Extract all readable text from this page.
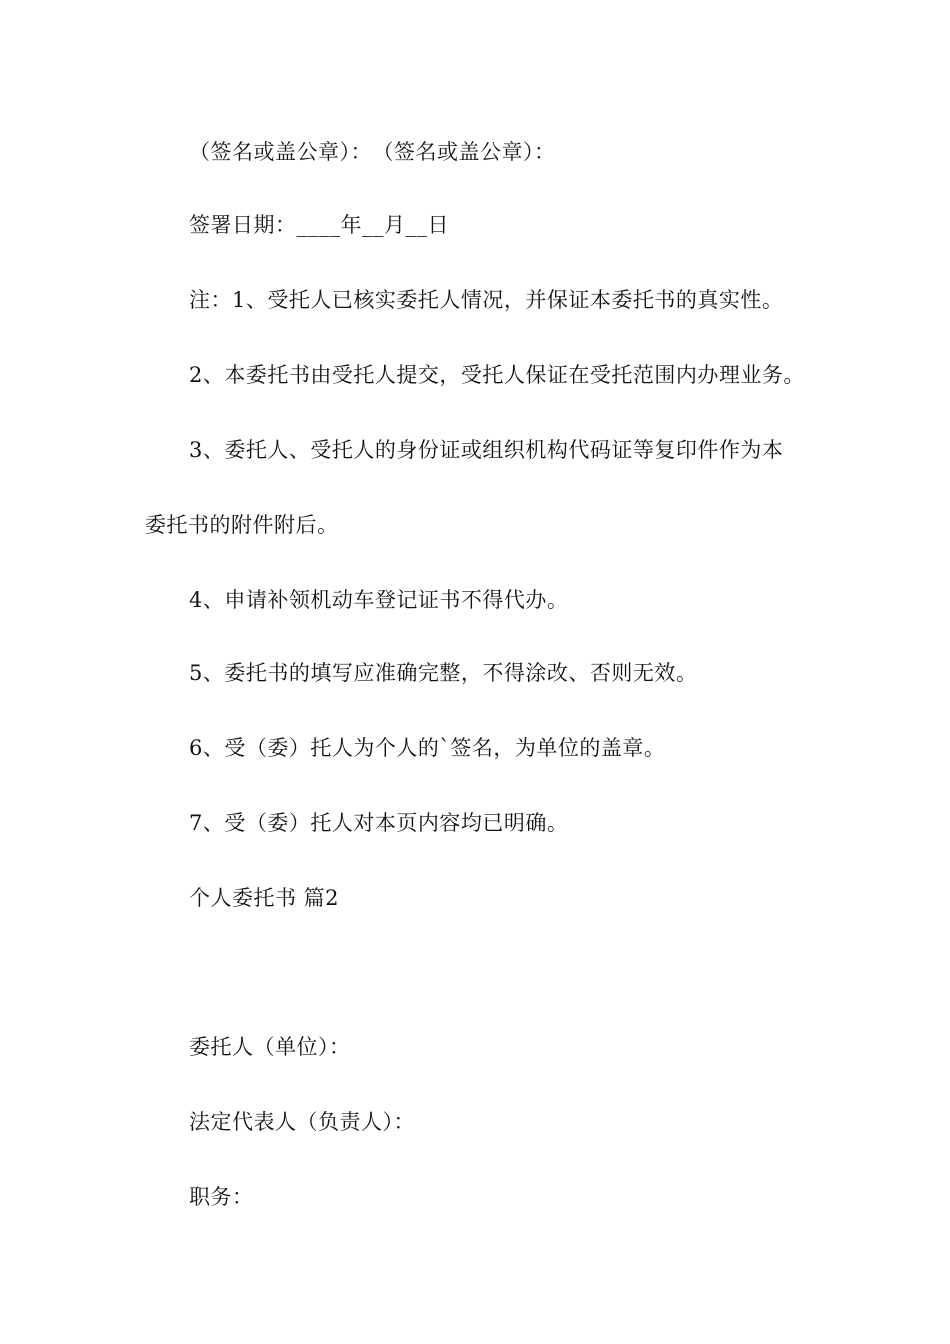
（签名或盖公章）：　（签名或盖公章）：
签署日期：____年__月__日
注：1、受托人已核实委托人情况，并保证本委托书的真实性。
2、本委托书由受托人提交，受托人保证在受托范围内办理业务。
3、委托人、受托人的身份证或组织机构代码证等复印件作为本
委托书的附件附后。
4、申请补领机动车登记证书不得代办。
5、委托书的填写应准确完整，不得涂改、否则无效。
6、受（委）托人为个人的`签名，为单位的盖章。
7、受（委）托人对本页内容均已明确。
个人委托书 篇2
委托人（单位）：
法定代表人（负责人）：
职务：
